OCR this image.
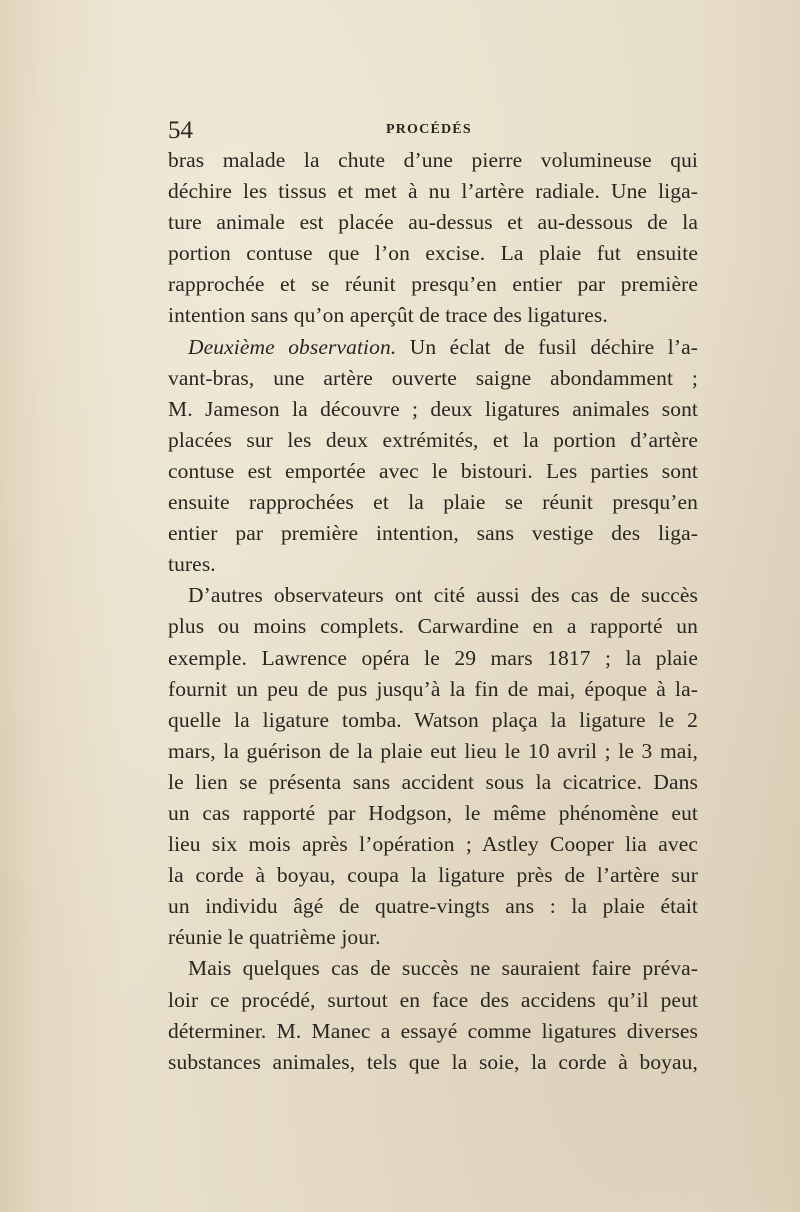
54	PROCÉDÉS
bras malade la chute d’une pierre volumineuse qui
déchire les tissus et met à nu l’artère radiale. Une liga-
ture animale est placée au-dessus et au-dessous de la
portion contuse que l’on excise. La plaie fut ensuite
rapprochée et se réunit presqu’en entier par première
intention sans qu’on aperçût de trace des ligatures.
Deuxième observation. Un éclat de fusil déchire l’a-
vant-bras, une artère ouverte saigne abondamment ;
M. Jameson la découvre ; deux ligatures animales sont
placées sur les deux extrémités, et la portion d’artère
contuse est emportée avec le bistouri. Les parties sont
ensuite rapprochées et la plaie se réunit presqu’en
entier par première intention, sans vestige des liga-
tures.
D’autres observateurs ont cité aussi des cas de succès
plus ou moins complets. Carwardine en a rapporté un
exemple. Lawrence opéra le 29 mars 1817 ; la plaie
fournit un peu de pus jusqu’à la fin de mai, époque à la-
quelle la ligature tomba. Watson plaça la ligature le 2
mars, la guérison de la plaie eut lieu le 10 avril ; le 3 mai,
le lien se présenta sans accident sous la cicatrice. Dans
un cas rapporté par Hodgson, le même phénomène eut
lieu six mois après l’opération ; Astley Cooper lia avec
la corde à boyau, coupa la ligature près de l’artère sur
un individu âgé de quatre-vingts ans : la plaie était
réunie le quatrième jour.
Mais quelques cas de succès ne sauraient faire préva-
loir ce procédé, surtout en face des accidens qu’il peut
déterminer. M. Manec a essayé comme ligatures diverses
substances animales, tels que la soie, la corde à boyau,
